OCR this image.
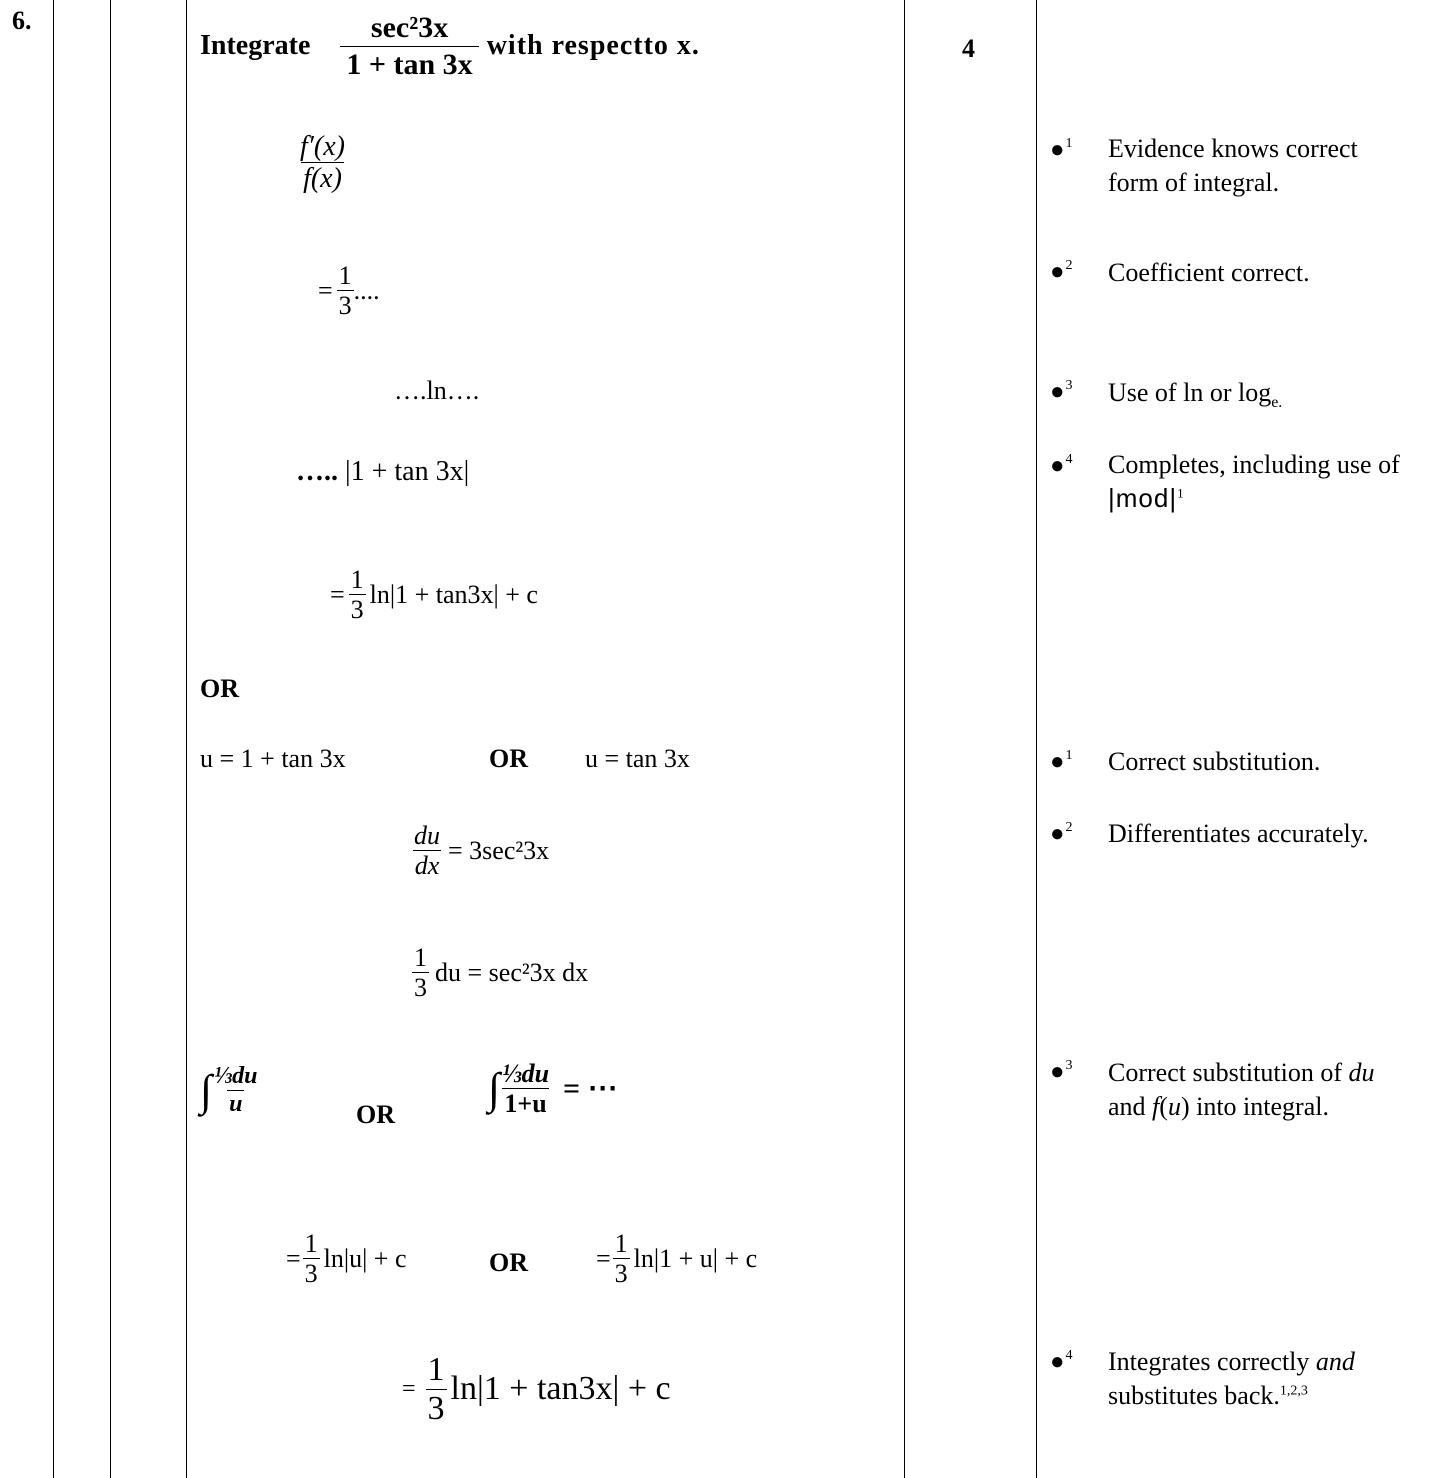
6.
Integrate $\frac{\text{sec²3x}}{1 + \tan 3x}$ with respectto x.	4
$\frac{f'(x)}{f(x)}$
= $\frac{1}{3}$ ....
….ln….
….. |1 + tan 3x|
= $\frac{1}{3} \ln|1 + \tan 3x| + c$
OR
u = 1 + tan 3x	OR u = tan 3x
$\frac{du}{dx} = 3\sec^23x$
$\frac{1}{3}$ du = sec²3x dx
∫ $\frac{\text{⅓du}}{u}$	OR
∫ $\frac{\text{⅓du}}{1+u}$ = ⋯
= $\frac{1}{3} \ln|u| + c$	OR	= $\frac{1}{3} \ln|1 + u| + c$
= $\frac{1}{3} \ln|1 + \tan 3x| + c$
●$^1$ Evidence knows correct
form of integral.
●$^2$ Coefficient correct.
●$^3$ Use of ln or $\log_{e.}$
●$^4$ Completes, including use of
$|mod|^1$
●$^1$ Correct substitution.
●$^2$ Differentiates accurately.
●$^3$ Correct substitution of du
and f(u) into integral.
●$^4$ Integrates correctly and
substitutes back.$^{1,2,3}$
